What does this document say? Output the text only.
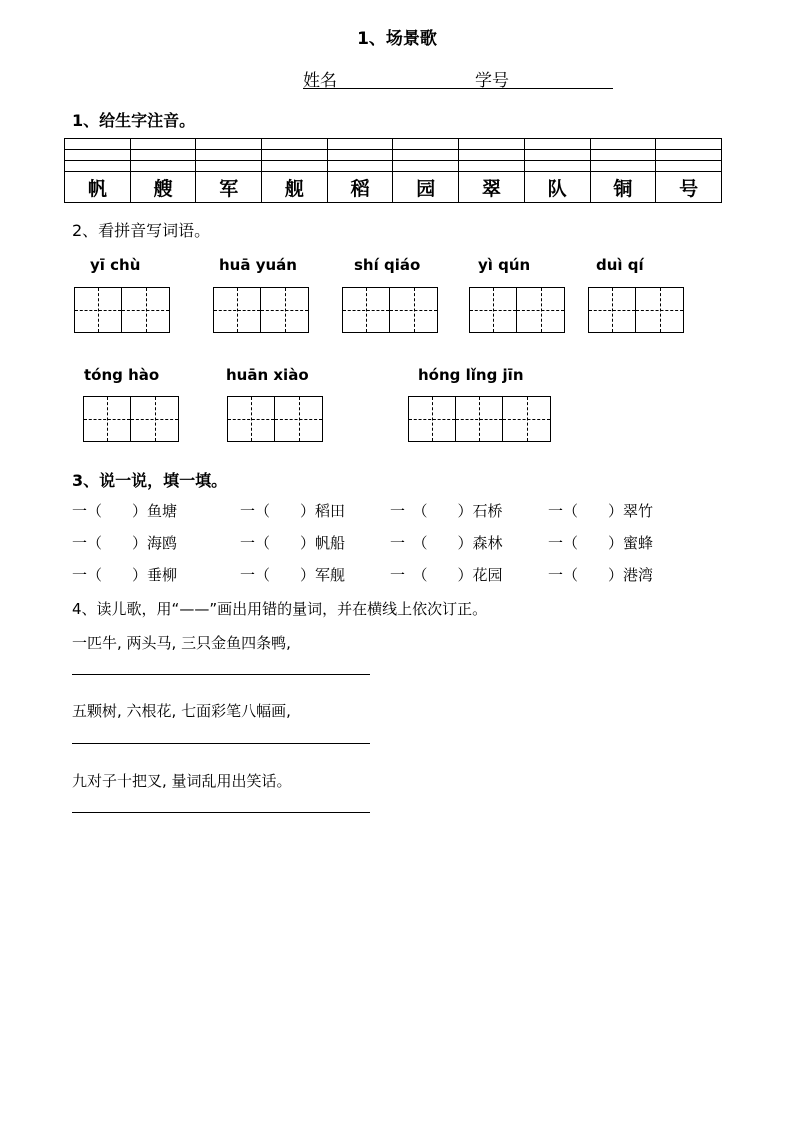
1、场景歌
姓名	学号
1、给生字注音。

帆	艘	军	舰	稻	园	翠	队	铜	号
2、看拼音写词语。
yī chù	huā yuán	shí qiáo	yì qún	duì qí
tóng hào	huān xiào	hóng lǐng jīn
3、说一说，填一填。
一（　　）鱼塘	一（　　）稻田	一　（　　）石桥	一（　　）翠竹
一（　　）海鸥	一（　　）帆船	一　（　　）森林	一（　　）蜜蜂
一（　　）垂柳	一（　　）军舰	一　（　　）花园	一（　　）港湾
4、读儿歌，用“——”画出用错的量词，并在横线上依次订正。
一匹牛, 两头马, 三只金鱼四条鸭,
五颗树, 六根花, 七面彩笔八幅画,
九对子十把叉, 量词乱用出笑话。
